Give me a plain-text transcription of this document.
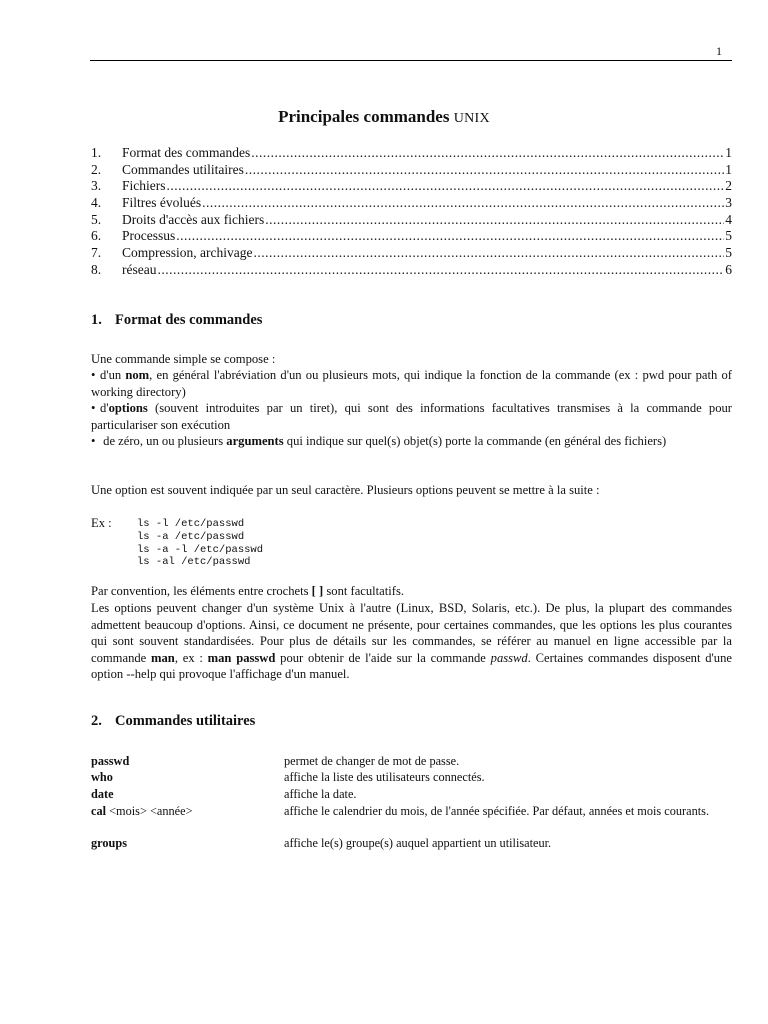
1
Principales commandes UNIX
1.	Format des commandes .....	1
2.	Commandes utilitaires .....	1
3.	Fichiers .....	2
4.	Filtres évolués .....	3
5.	Droits d'accès aux fichiers .....	4
6.	Processus .....	5
7.	Compression, archivage .....	5
8.	réseau .....	6
1. Format des commandes
Une commande simple se compose :
• d'un nom, en général l'abréviation d'un ou plusieurs mots, qui indique la fonction de la commande (ex : pwd pour path of working directory)
• d'options (souvent introduites par un tiret), qui sont des informations facultatives transmises à la commande pour particulariser son exécution
• de zéro, un ou plusieurs arguments qui indique sur quel(s) objet(s) porte la commande (en général des fichiers)
Une option est souvent indiquée par un seul caractère. Plusieurs options peuvent se mettre à la suite :
Ex : ls -l /etc/passwd
ls -a /etc/passwd
ls -a -l /etc/passwd
ls -al /etc/passwd
Par convention, les éléments entre crochets [ ] sont facultatifs.
Les options peuvent changer d'un système Unix à l'autre (Linux, BSD, Solaris, etc.). De plus, la plupart des commandes admettent beaucoup d'options. Ainsi, ce document ne présente, pour certaines commandes, que les options les plus courantes qui sont souvent standardisées. Pour plus de détails sur les commandes, se référer au manuel en ligne accessible par la commande man, ex : man passwd pour obtenir de l'aide sur la commande passwd. Certaines commandes disposent d'une option --help qui provoque l'affichage d'un manuel.
2. Commandes utilitaires
passwd	permet de changer de mot de passe.
who	affiche la liste des utilisateurs connectés.
date	affiche la date.
cal <mois> <année>	affiche le calendrier du mois, de l'année spécifiée. Par défaut, années et mois courants.
groups	affiche le(s) groupe(s) auquel appartient un utilisateur.
